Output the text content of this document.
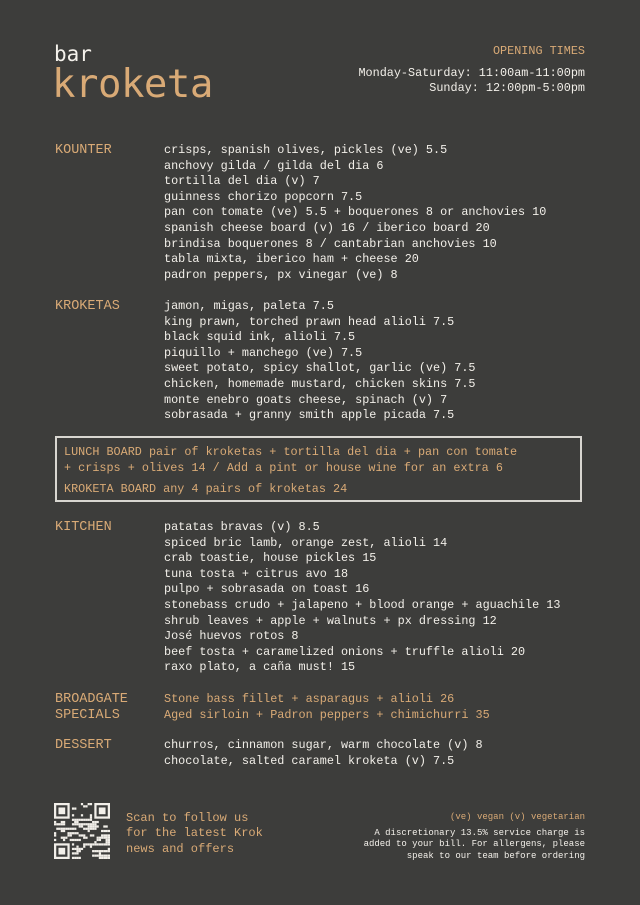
bar
kroketa
OPENING TIMES
Monday-Saturday: 11:00am-11:00pm
Sunday: 12:00pm-5:00pm
KOUNTER	crisps, spanish olives, pickles (ve) 5.5
anchovy gilda / gilda del dia 6
tortilla del dia (v) 7
guinness chorizo popcorn 7.5
pan con tomate (ve) 5.5 + boquerones 8 or anchovies 10
spanish cheese board (v) 16 / iberico board 20
brindisa boquerones 8 / cantabrian anchovies 10
tabla mixta, iberico ham + cheese 20
padron peppers, px vinegar (ve) 8
KROKETAS	jamon, migas, paleta 7.5
king prawn, torched prawn head alioli 7.5
black squid ink, alioli 7.5
piquillo + manchego (ve) 7.5
sweet potato, spicy shallot, garlic (ve) 7.5
chicken, homemade mustard, chicken skins 7.5
monte enebro goats cheese, spinach (v) 7
sobrasada + granny smith apple picada 7.5
KITCHEN	patatas bravas (v) 8.5
spiced bric lamb, orange zest, alioli 14
crab toastie, house pickles 15
tuna tosta + citrus avo 18
pulpo + sobrasada on toast 16
stonebass crudo + jalapeno + blood orange + aguachile 13
shrub leaves + apple + walnuts + px dressing 12
José huevos rotos 8
beef tosta + caramelized onions + truffle alioli 20
raxo plato, a caña must! 15
BROADGATE
SPECIALS
Stone bass fillet + asparagus + alioli 26
Aged sirloin + Padron peppers + chimichurri 35
DESSERT	churros, cinnamon sugar, warm chocolate (v) 8
chocolate, salted caramel kroketa (v) 7.5
LUNCH BOARD pair of kroketas + tortilla del dia + pan con tomate
+ crisps + olives 14 / Add a pint or house wine for an extra 6
KROKETA BOARD any 4 pairs of kroketas 24
Scan to follow us
for the latest Krok
news and offers
(ve) vegan (v) vegetarian
A discretionary 13.5% service charge is
added to your bill. For allergens, please
speak to our team before ordering
